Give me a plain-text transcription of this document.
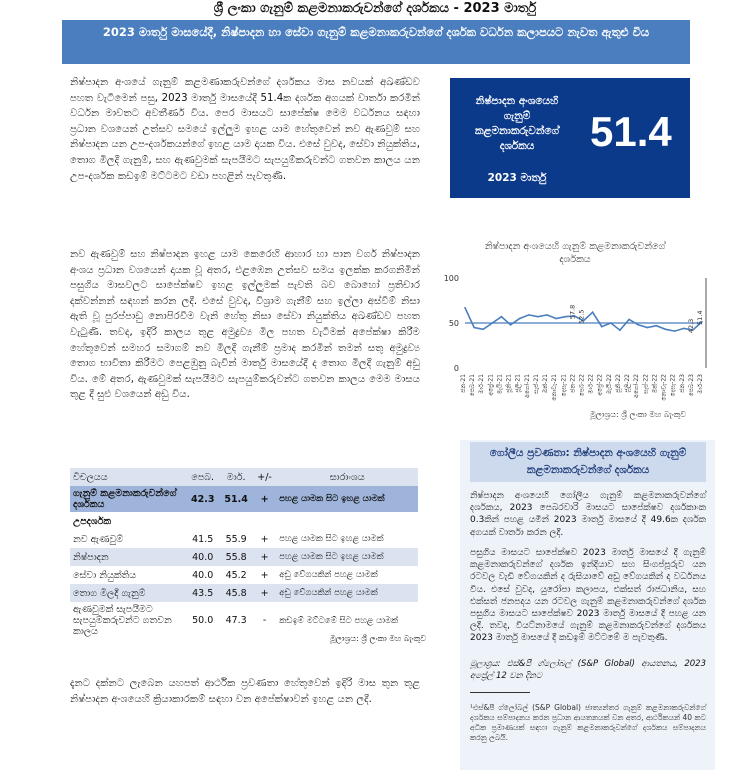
ශ්‍රී ලංකා ගැනුම් කළමනාකරුවන්ගේ දර්ශකය - 2023 මාර්තු
2023 මාර්තු මාසයේදී, නිෂ්පාදන හා සේවා ගැනුම් කළමනාකරුවන්ගේ දර්ශක වර්ධන කලාපයට නැවත ඇතුළු විය
නිෂ්පාදන අංශයේ ගැනුම් කළමණාකරුවන්ගේ දර්ශකය මාස නවයක් අඛණ්ඩව පහත වැටීමෙන් පසු, 2023 මාර්තු මාසයේදී 51.4ක දර්ශක අගයක් වාර්තා කරමින් වර්ධන මාවතට අවතීර්ණ විය. පෙර මාසයට සාපේක්ෂ මෙම වර්ධනය සඳහා ප්‍රධාන වශයෙන් උත්සව සමයේ ඉල්ලුම ඉහළ යාම හේතුවෙන් නව ඇණවුම් සහ නිෂ්පාදන යන උප-දර්ශකයන්ගේ ඉහළ යාම දායක විය. එසේ වුවද, සේවා නියුක්තිය, තොග මිලදී ගැනුම්, සහ ඇණවුමක් සැපයීමට සැපයුම්කරුවන්ට ගතවන කාලය යන උප-දර්ශක කඩඉම් මට්ටමට වඩා පහළින් පැවතුණි.
නව ඇණවුම් සහ නිෂ්පාදන ඉහළ යාම කෙරෙහි ආහාර හා පාන වර්ග නිෂ්පාදන අංශය ප්‍රධාන වශයෙන් දායක වූ අතර, එළඹෙන උත්සව සමය ඉලක්ක කරගනිමින් පසුගිය මාසවලට සාපේක්ෂව ඉහළ ඉල්ලුමක් පැවති බව බොහෝ ප්‍රතිචාර දක්වන්නන් සඳහන් කරන ලදී. එසේ වුවද, විශ්‍රාම ගැනීම් සහ ඉල්ලා අස්වීම් නිසා ඇති වූ පුරප්පාඩු නොපිරවීම වැනි හේතු නිසා සේවා නියුක්තිය අඛණ්ඩව පහත වැටුණි. තවද, ඉදිරි කාලය තුළ අමුද්‍රව්‍ය මිල පහත වැටීමක් අපේක්ෂා කිරීම හේතුවෙන් සමහර සමාගම් නව මිලදී ගැනීම් ප්‍රමාද කරමින් තමන් සතු අමුද්‍රව්‍ය තොග භාවිතා කිරීමට පෙළඹුනු බැවින් මාර්තු මාසයේදී ද තොග මිලදී ගැනුම් අඩු විය. මේ අතර, ඇණවුමක් සැපයීමට සැපයුම්කරුවන්ට ගතවන කාලය මෙම මාසය තුළ දී සුළු වශයෙන් අඩු විය.
දැනට දක්නට ලැබෙන යහපත් ආර්ථික ප්‍රවණතා හේතුවෙන් ඉදිරි මාස තුන තුළ නිෂ්පාදන අංශයෙහි ක්‍රියාකාරකම් සඳහා වන අපේක්ෂාවන් ඉහළ යන ලදී.
නිෂ්පාදන අංශයෙහි ගැනුම් කළමනාකරුවන්ගේ දර්ශකය
2023 මාර්තු
51.4
නිෂ්පාදන අංශයෙහි ගැනුම් කළමනාකරුවන්ගේ දර්ශකය
0
50
100
57.8 52.5
42.3
51.4
ජන-21 පෙබ-21 මාර්-21 අප්‍රේ-21 මැයි-21 ජූනි-21 ජූලි-21 අගෝ-21 සැප්-21 ඔක්-21 නොවැ-21 දෙසැ-21 ජන-22 පෙබ-22 මාර්-22 අප්‍රේ-22 මැයි-22 ජූනි-22 ජූලි-22 අගෝ-22 සැප්-22 ඔක්-22 නොවැ-22 දෙසැ-22 ජන-23 පෙබ-23 මාර්-23
මූලාශ්‍රය: ශ්‍රී ලංකා මහ බැංකුව
විචලයය	පෙබ.	මාර්.	+/-	සාරාංශය
ගැනුම් කළමනාකරුවන්ගේ දර්ශකය	42.3	51.4	+	පහළ යාමක සිට ඉහළ යාමක්
උපදර්ශක				
නව ඇණවුම්	41.5	55.9	+	පහළ යාමක සිට ඉහළ යාමක්
නිෂ්පාදන	40.0	55.8	+	පහළ යාමක සිට ඉහළ යාමක්
සේවා නියුක්තිය	40.0	45.2	+	අඩු වේගයකින් පහළ යාමක්
තොග මිලදී ගැනුම්	43.5	45.8	+	අඩු වේගයකින් පහළ යාමක්
ඇණවුමක් සැපයීමට සැපයුම්කරුවන්ට ගතවන කාලය	50.0	47.3	-	කඩඉම් මට්ටමේ සිට පහළ යාමක්
මූලාශ්‍රය: ශ්‍රී ලංකා මහ බැංකුව
ගෝලීය ප්‍රවණතා: නිෂ්පාදන අංශයෙහි ගැනුම් කළමනාකරුවන්ගේ දර්ශකය
නිෂ්පාදන අංශයෙහි ගෝලීය ගැනුම් කළමනාකරුවන්ගේ දර්ශකය, 2023 පෙබරවාරි මාසයට සාපේක්ෂව දර්ශකාංක 0.3කින් පහළ යමින් 2023 මාර්තු මාසයේ දී 49.6ක දර්ශක අගයක් වාර්තා කරන ලදී.
පසුගිය මාසයට සාපේක්ෂව 2023 මාර්තු මාසයේ දී ගැනුම් කළමනාකරුවන්ගේ දර්ශක ඉන්දියාව සහ සිංගප්පූරුව යන රටවල වැඩි වේගයකින් ද රුසියාවේ අඩු වේගයකින් ද වර්ධනය විය. එසේ වුවද, යුරෝපා කලාපය, එක්සත් රාජධානිය, සහ එක්සත් ජනපදය යන රටවල ගැනුම් කළමනාකරුවන්ගේ දර්ශක පසුගිය මාසයට සාපේක්ෂව 2023 මාර්තු මාසයේ දී පහළ යන ලදී. තවද, වියට්නාමයේ ගැනුම් කළමනාකරුවන්ගේ දර්ශකය 2023 මාර්තු මාසයේ දී කඩඉම් මට්ටමේ ම පැවතුණි.
මූලාශ්‍රය: එස්&පී ග්ලෝබල් (S&P Global) ආයතනය, 2023 අප්‍රේල් 12 වන දිනට
¹එස්&පී ග්ලෝබල් (S&P Global) ජාත්‍යන්තර ගැනුම් කළමනාකරුවන්ගේ දර්ශකය සම්පාදනය කරන ප්‍රධාන ආයතනයක් වන අතර, ආර්ථිකයන් 40 කට අධික ප්‍රමාණයක් සඳහා ගැනුම් කළමනාකරුවන්ගේ දර්ශකය සම්පාදනය කරනු ලබයි.
